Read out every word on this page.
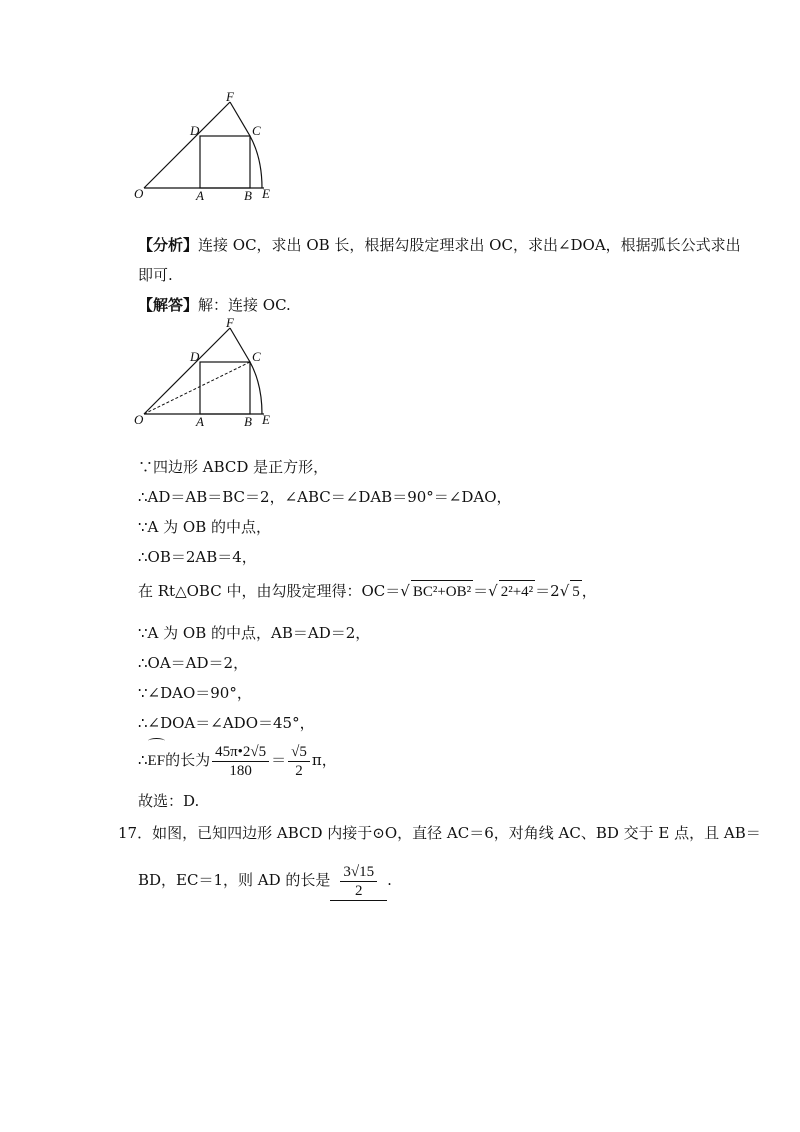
F
D	C
O	A	B E
【分析】连接 OC，求出 OB 长，根据勾股定理求出 OC，求出∠DOA，根据弧长公式求出
即可.
【解答】解：连接 OC.
F
D	C
O	A	B E
∵四边形 ABCD 是正方形，
∴AD＝AB＝BC＝2，∠ABC＝∠DAB＝90°＝∠DAO，
∵A 为 OB 的中点，
∴OB＝2AB＝4，
在 Rt△OBC 中，由勾股定理得：OC＝√ BC²+OB² ＝√ 2²+4² ＝2√ 5 ，
∵A 为 OB 的中点，AB＝AD＝2，
∴OA＝AD＝2，
∵∠DAO＝90°，
∴∠DOA＝∠ADO＝45°，
∴EF的长为 $\frac{45\pi•2√5}{180} = \frac{√5}{2}$ π，
故选：D.
17．如图，已知四边形 ABCD 内接于⊙O，直径 AC＝6，对角线 AC、BD 交于 E 点，且 AB＝
BD，EC＝1，则 AD 的长是 $\frac{3√15}{2}$ .
